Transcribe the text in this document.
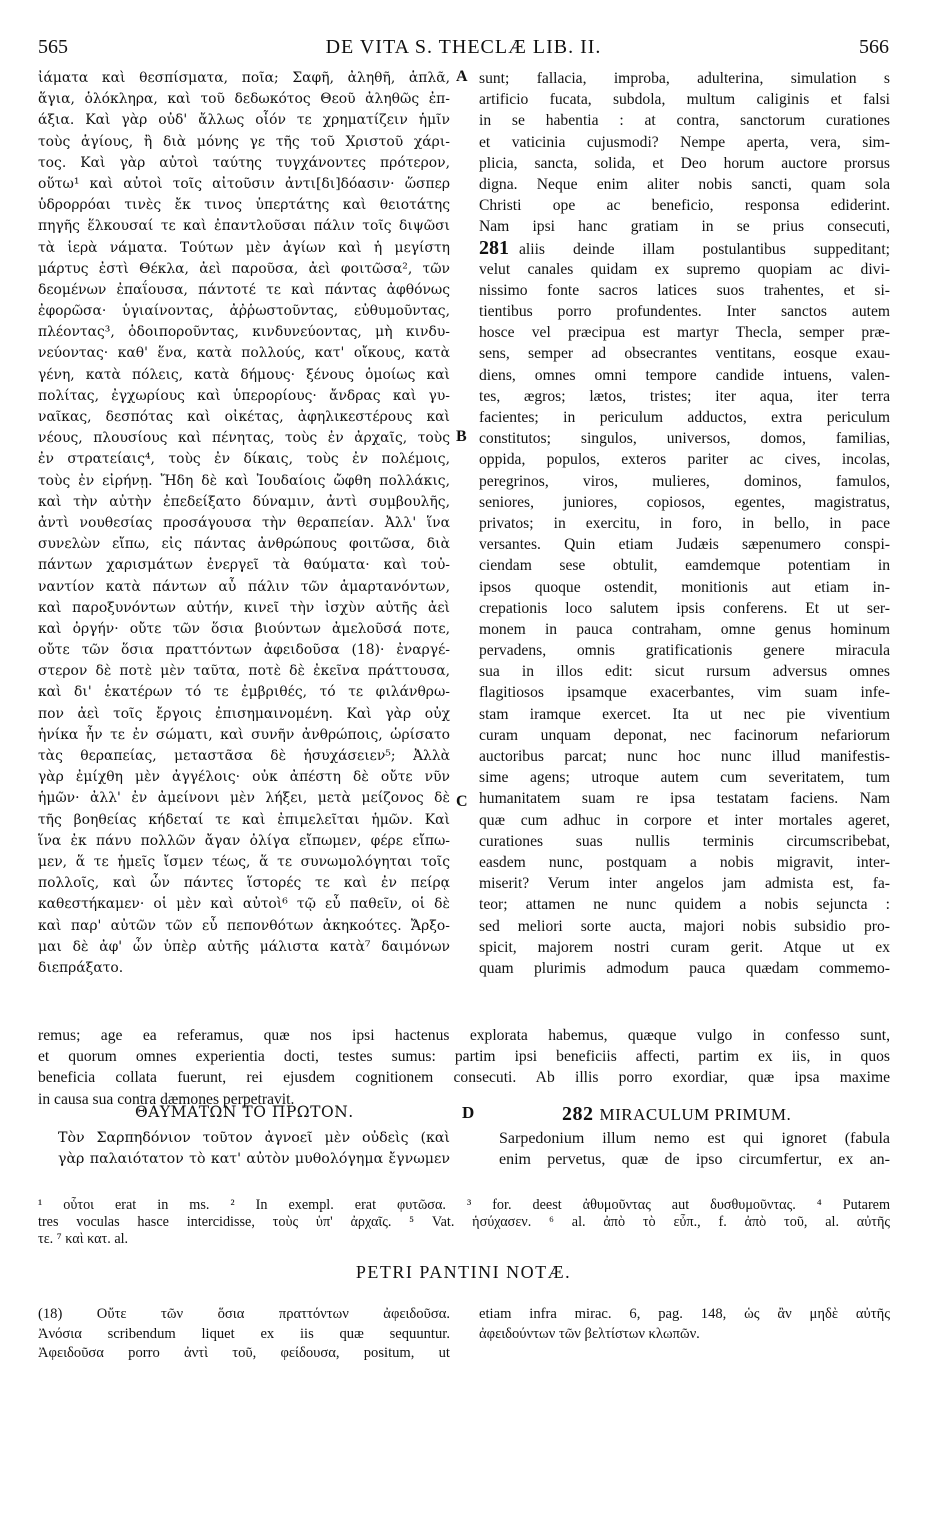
565	DE VITA S. THECLÆ LIB. II.	566
ἰάματα καὶ θεσπίσματα, ποῖα; Σαφῆ, ἀληθῆ, ἁπλᾶ,
ἅγια, ὁλόκληρα, καὶ τοῦ δεδωκότος Θεοῦ ἀληθῶς ἐπ-
άξια. Καὶ γὰρ οὐδ' ἄλλως οἷόν τε χρηματίζειν ἡμῖν
τοὺς ἁγίους, ἢ διὰ μόνης γε τῆς τοῦ Χριστοῦ χάρι-
τος. Καὶ γὰρ αὐτοὶ ταύτης τυγχάνοντες πρότερον,
οὕτω¹ καὶ αὐτοὶ τοῖς αἰτοῦσιν ἀντι[δι]δόασιν· ὥσπερ
ὑδρορρόαι τινὲς ἔκ τινος ὑπερτάτης καὶ θειοτάτης
πηγῆς ἕλκουσαί τε καὶ ἐπαντλοῦσαι πάλιν τοῖς διψῶσι
τὰ ἱερὰ νάματα. Τούτων μὲν ἁγίων καὶ ἡ μεγίστη
μάρτυς ἐστὶ Θέκλα, ἀεὶ παροῦσα, ἀεὶ φοιτῶσα², τῶν
δεομένων ἐπαΐουσα, πάντοτέ τε καὶ πάντας ἀφθόνως
ἐφορῶσα· ὑγιαίνοντας, ἀῤῥωστοῦντας, εὐθυμοῦντας,
πλέοντας³, ὁδοιποροῦντας, κινδυνεύοντας, μὴ κινδυ-
νεύοντας· καθ' ἕνα, κατὰ πολλούς, κατ' οἴκους, κατὰ
γένη, κατὰ πόλεις, κατὰ δήμους· ξένους ὁμοίως καὶ
πολίτας, ἐγχωρίους καὶ ὑπερορίους· ἄνδρας καὶ γυ-
ναῖκας, δεσπότας καὶ οἰκέτας, ἀφηλικεστέρους καὶ
νέους, πλουσίους καὶ πένητας, τοὺς ἐν ἀρχαῖς, τοὺς
ἐν στρατείαις⁴, τοὺς ἐν δίκαις, τοὺς ἐν πολέμοις,
τοὺς ἐν εἰρήνῃ. Ἤδη δὲ καὶ Ἰουδαίοις ὤφθη πολλάκις,
καὶ τὴν αὐτὴν ἐπεδείξατο δύναμιν, ἀντὶ συμβουλῆς,
ἀντὶ νουθεσίας προσάγουσα τὴν θεραπείαν. Ἀλλ' ἵνα
συνελὼν εἴπω, εἰς πάντας ἀνθρώπους φοιτῶσα, διὰ
πάντων χαρισμάτων ἐνεργεῖ τὰ θαύματα· καὶ τοὐ-
ναντίον κατὰ πάντων αὖ πάλιν τῶν ἁμαρτανόντων,
καὶ παροξυνόντων αὐτήν, κινεῖ τὴν ἰσχὺν αὐτῆς ἀεὶ
καὶ ὀργήν· οὔτε τῶν ὅσια βιούντων ἀμελοῦσά ποτε,
οὔτε τῶν ὅσια πραττόντων ἀφειδοῦσα (18)· ἐναργέ-
στερον δὲ ποτὲ μὲν ταῦτα, ποτὲ δὲ ἐκεῖνα πράττουσα,
καὶ δι' ἑκατέρων τό τε ἐμβριθές, τό τε φιλάνθρω-
πον ἀεὶ τοῖς ἔργοις ἐπισημαινομένη. Καὶ γὰρ οὐχ
ἡνίκα ἦν τε ἐν σώματι, καὶ συνῆν ἀνθρώποις, ὡρίσατο
τὰς θεραπείας, μεταστᾶσα δὲ ἡσυχάσειεν⁵; Ἀλλὰ
γὰρ ἐμίχθη μὲν ἀγγέλοις· οὐκ ἀπέστη δὲ οὔτε νῦν
ἡμῶν· ἀλλ' ἐν ἀμείνονι μὲν λήξει, μετὰ μείζονος δὲ
τῆς βοηθείας κήδεταί τε καὶ ἐπιμελεῖται ἡμῶν. Καὶ
ἵνα ἐκ πάνυ πολλῶν ἄγαν ὀλίγα εἴπωμεν, φέρε εἴπω-
μεν, ἅ τε ἡμεῖς ἴσμεν τέως, ἅ τε συνωμολόγηται τοῖς
πολλοῖς, καὶ ὧν πάντες ἵστορές τε καὶ ἐν πείρᾳ
καθεστήκαμεν· οἱ μὲν καὶ αὐτοὶ⁶ τῷ εὖ παθεῖν, οἱ δὲ
καὶ παρ' αὐτῶν τῶν εὖ πεπονθότων ἀκηκοότες. Ἄρξο-
μαι δὲ ἀφ' ὧν ὑπὲρ αὐτῆς μάλιστα κατὰ⁷ δαιμόνων
διεπράξατο.
sunt; fallacia, improba, adulterina, simulation s
artificio fucata, subdola, multum caliginis et falsi
in se habentia : at contra, sanctorum curationes
et vaticinia cujusmodi? Nempe aperta, vera, sim-
plicia, sancta, solida, et Deo horum auctore prorsus
digna. Neque enim aliter nobis sancti, quam sola
Christi ope ac beneficio, responsa ediderint.
Nam ipsi hanc gratiam in se prius consecuti,
281 aliis deinde illam postulantibus suppeditant;
velut canales quidam ex supremo quopiam ac divi-
nissimo fonte sacros latices suos trahentes, et si-
tientibus porro profundentes. Inter sanctos autem
hosce vel præcipua est martyr Thecla, semper præ-
sens, semper ad obsecrantes ventitans, eosque exau-
diens, omnes omni tempore candide intuens, valen-
tes, ægros; lætos, tristes; iter aqua, iter terra
facientes; in periculum adductos, extra periculum
constitutos; singulos, universos, domos, familias,
oppida, populos, exteros pariter ac cives, incolas,
peregrinos, viros, mulieres, dominos, famulos,
seniores, juniores, copiosos, egentes, magistratus,
privatos; in exercitu, in foro, in bello, in pace
versantes. Quin etiam Judæis sæpenumero conspi-
ciendam sese obtulit, eamdemque potentiam in
ipsos quoque ostendit, monitionis aut etiam in-
crepationis loco salutem ipsis conferens. Et ut ser-
monem in pauca contraham, omne genus hominum
pervadens, omnis gratificationis genere miracula
sua in illos edit: sicut rursum adversus omnes
flagitiosos ipsamque exacerbantes, vim suam infe-
stam iramque exercet. Ita ut nec pie viventium
curam unquam deponat, nec facinorum nefariorum
auctoribus parcat; nunc hoc nunc illud manifestis-
sime agens; utroque autem cum severitatem, tum
humanitatem suam re ipsa testatam faciens. Nam
quæ cum adhuc in corpore et inter mortales ageret,
curationes suas nullis terminis circumscribebat,
easdem nunc, postquam a nobis migravit, inter-
miserit? Verum inter angelos jam admista est, fa-
teor; attamen ne nunc quidem a nobis sejuncta :
sed meliori sorte aucta, majori nobis subsidio pro-
spicit, majorem nostri curam gerit. Atque ut ex
quam plurimis admodum pauca quædam commemo-
A
B
C
remus; age ea referamus, quæ nos ipsi hactenus explorata habemus, quæque vulgo in confesso sunt,
et quorum omnes experientia docti, testes sumus: partim ipsi beneficiis affecti, partim ex iis, in quos
beneficia collata fuerunt, rei ejusdem cognitionem consecuti. Ab illis porro exordiar, quæ ipsa maxime
in causa sua contra dæmones perpetravit.
ΘΑΥΜΑΤΩΝ ΤΟ ΠΡΩΤΟΝ.	D	282 MIRACULUM PRIMUM.
Τὸν Σαρπηδόνιον τοῦτον ἀγνοεῖ μὲν οὐδεὶς (καὶ
γὰρ παλαιότατον τὸ κατ' αὐτὸν μυθολόγημα ἔγνωμεν
Sarpedonium illum nemo est qui ignoret (fabula
enim pervetus, quæ de ipso circumfertur, ex an-
¹ οὗτοι erat in ms. ² In exempl. erat φυτῶσα. ³ for. deest ἀθυμοῦντας aut δυσθυμοῦντας. ⁴ Putarem
tres voculas hasce intercidisse, τοὺς ὑπ' ἀρχαῖς. ⁵ Vat. ἡσύχασεν. ⁶ al. ἀπὸ τὸ εὖπ., f. ἀπὸ τοῦ, al. αὐτῆς
τε. ⁷ καὶ κατ. al.
PETRI PANTINI NOTÆ.
(18) Οὔτε τῶν ὅσια πραττόντων ἀφειδοῦσα.
Ἀνόσια scribendum liquet ex iis quæ sequuntur.
Ἀφειδοῦσα porro ἀντὶ τοῦ, φείδουσα, positum, ut
etiam infra mirac. 6, pag. 148, ὡς ἂν μηδὲ αὐτῆς
ἀφειδούντων τῶν βελτίστων κλωπῶν.
